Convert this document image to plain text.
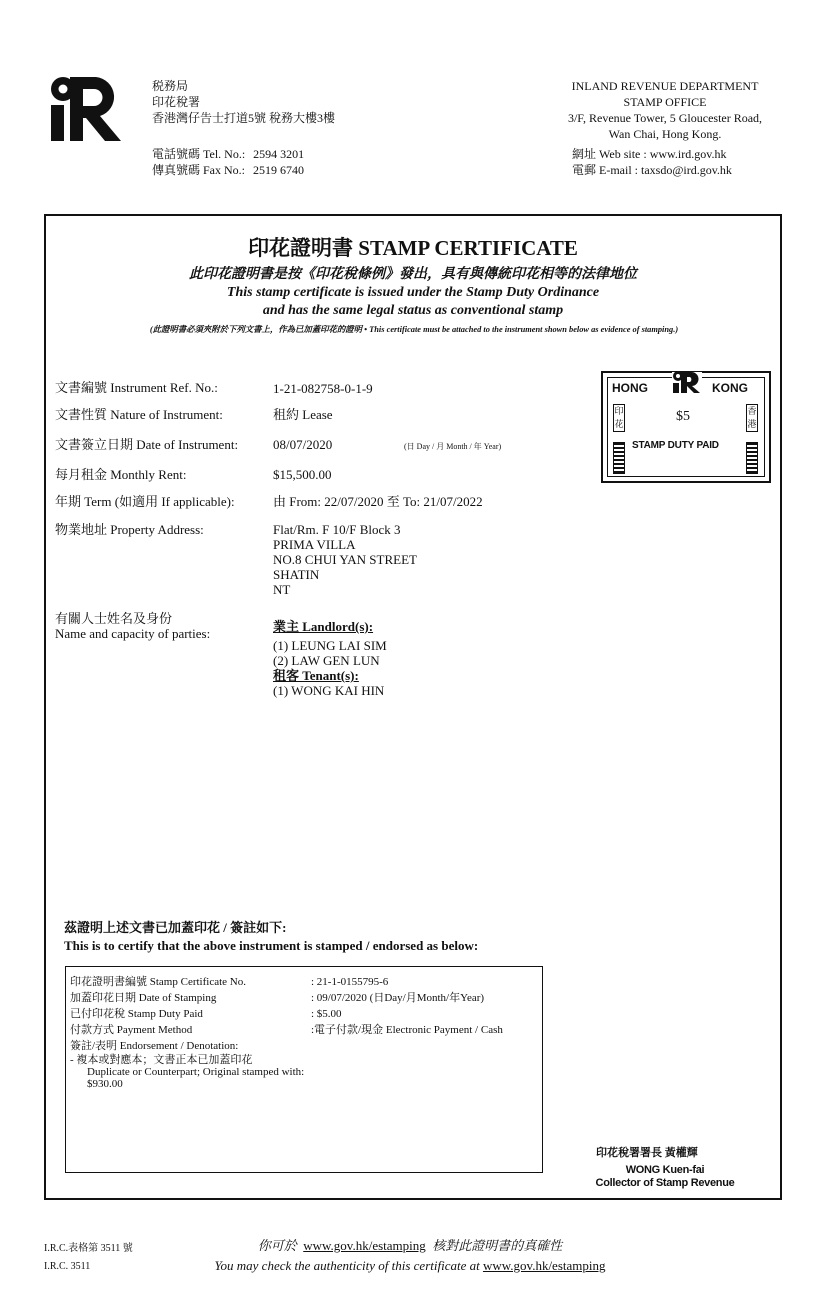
税務局
印花稅署
香港灣仔告士打道5號 稅務大樓3樓
電話號碼 Tel. No.: 2594 3201
傳真號碼 Fax No.: 2519 6740
INLAND REVENUE DEPARTMENT
STAMP OFFICE
3/F, Revenue Tower, 5 Gloucester Road,
Wan Chai, Hong Kong.
網址 Web site : www.ird.gov.hk
電郵 E-mail : taxsdo@ird.gov.hk
印花證明書 STAMP CERTIFICATE
此印花證明書是按《印花稅條例》發出，具有與傳統印花相等的法律地位
This stamp certificate is issued under the Stamp Duty Ordinance
and has the same legal status as conventional stamp
(此證明書必須夾附於下列文書上，作為已加蓋印花的證明 • This certificate must be attached to the instrument shown below as evidence of stamping.)
文書編號 Instrument Ref. No.:	1-21-082758-0-1-9
文書性質 Nature of Instrument:	租約 Lease
文書簽立日期 Date of Instrument:	08/07/2020	(日 Day / 月 Month / 年 Year)
每月租金 Monthly Rent:	$15,500.00
年期 Term (如適用 If applicable):	由 From: 22/07/2020 至 To: 21/07/2022
物業地址 Property Address:	Flat/Rm. F 10/F Block 3
PRIMA VILLA
NO.8 CHUI YAN STREET
SHATIN
NT
有關人士姓名及身份
Name and capacity of parties:	業主 Landlord(s):
(1) LEUNG LAI SIM
(2) LAW GEN LUN
租客 Tenant(s):
(1) WONG KAI HIN
HONG	KONG
印花	$5	香港
STAMP DUTY PAID
茲證明上述文書已加蓋印花 / 簽註如下:
This is to certify that the above instrument is stamped / endorsed as below:
印花證明書編號 Stamp Certificate No.	: 21-1-0155795-6
加蓋印花日期 Date of Stamping	: 09/07/2020 (日Day/月Month/年Year)
已付印花稅 Stamp Duty Paid	: $5.00
付款方式 Payment Method	:電子付款/現金 Electronic Payment / Cash
簽註/表明 Endorsement / Denotation:
- 複本或對應本；文書正本已加蓋印花
Duplicate or Counterpart; Original stamped with:
$930.00
印花稅署署長 黃權輝
WONG Kuen-fai
Collector of Stamp Revenue
I.R.C.表格第 3511 號
I.R.C. 3511
你可於 www.gov.hk/estamping 核對此證明書的真確性
You may check the authenticity of this certificate at www.gov.hk/estamping
